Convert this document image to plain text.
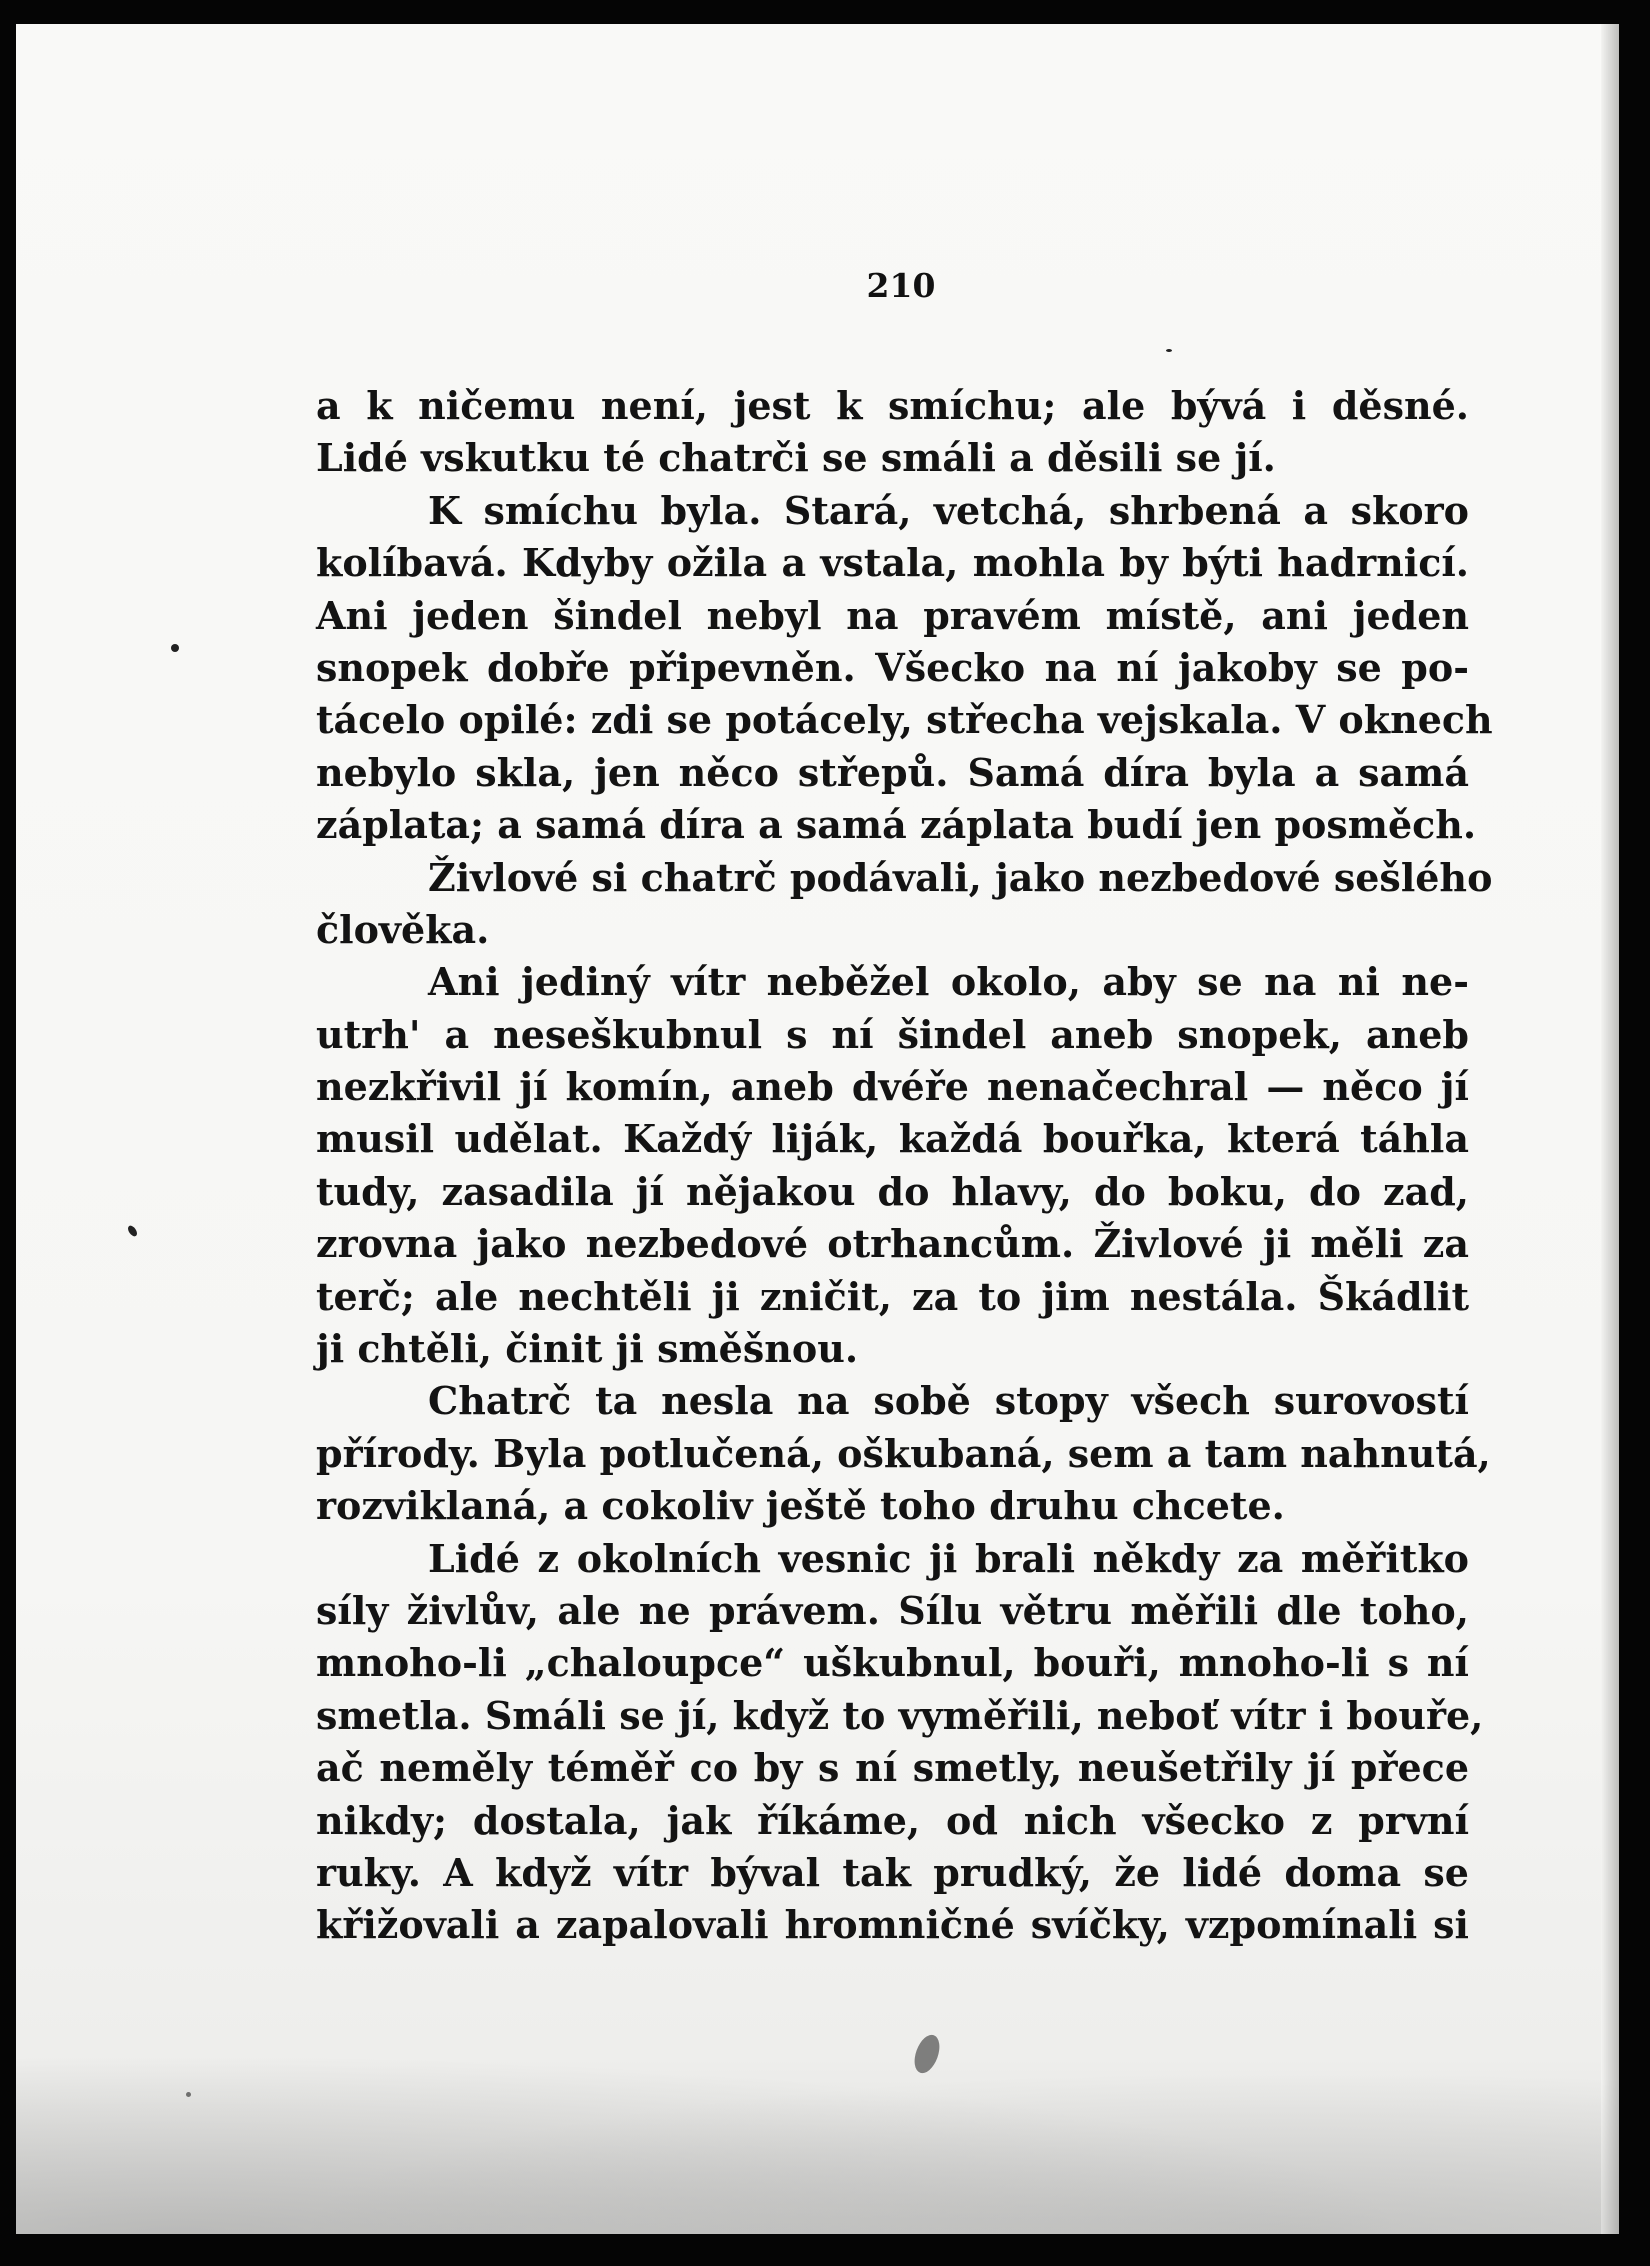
210
a k ničemu není, jest k smíchu; ale bývá i děsné.
Lidé vskutku té chatrči se smáli a děsili se jí.
K smíchu byla. Stará, vetchá, shrbená a skoro
kolíbavá. Kdyby ožila a vstala, mohla by býti hadrnicí.
Ani jeden šindel nebyl na pravém místě, ani jeden
snopek dobře připevněn. Všecko na ní jakoby se po-
tácelo opilé: zdi se potácely, střecha vejskala. V oknech
nebylo skla, jen něco střepů. Samá díra byla a samá
záplata; a samá díra a samá záplata budí jen posměch.
Živlové si chatrč podávali, jako nezbedové sešlého
člověka.
Ani jediný vítr neběžel okolo, aby se na ni ne-
utrh' a neseškubnul s ní šindel aneb snopek, aneb
nezkřivil jí komín, aneb dvéře nenačechral — něco jí
musil udělat. Každý liják, každá bouřka, která táhla
tudy, zasadila jí nějakou do hlavy, do boku, do zad,
zrovna jako nezbedové otrhancům. Živlové ji měli za
terč; ale nechtěli ji zničit, za to jim nestála. Škádlit
ji chtěli, činit ji směšnou.
Chatrč ta nesla na sobě stopy všech surovostí
přírody. Byla potlučená, oškubaná, sem a tam nahnutá,
rozviklaná, a cokoliv ještě toho druhu chcete.
Lidé z okolních vesnic ji brali někdy za měřitko
síly živlův, ale ne právem. Sílu větru měřili dle toho,
mnoho-li „chaloupce“ uškubnul, bouři, mnoho-li s ní
smetla. Smáli se jí, když to vyměřili, neboť vítr i bouře,
ač neměly téměř co by s ní smetly, neušetřily jí přece
nikdy; dostala, jak říkáme, od nich všecko z první
ruky. A když vítr býval tak prudký, že lidé doma se
křižovali a zapalovali hromničné svíčky, vzpomínali si
